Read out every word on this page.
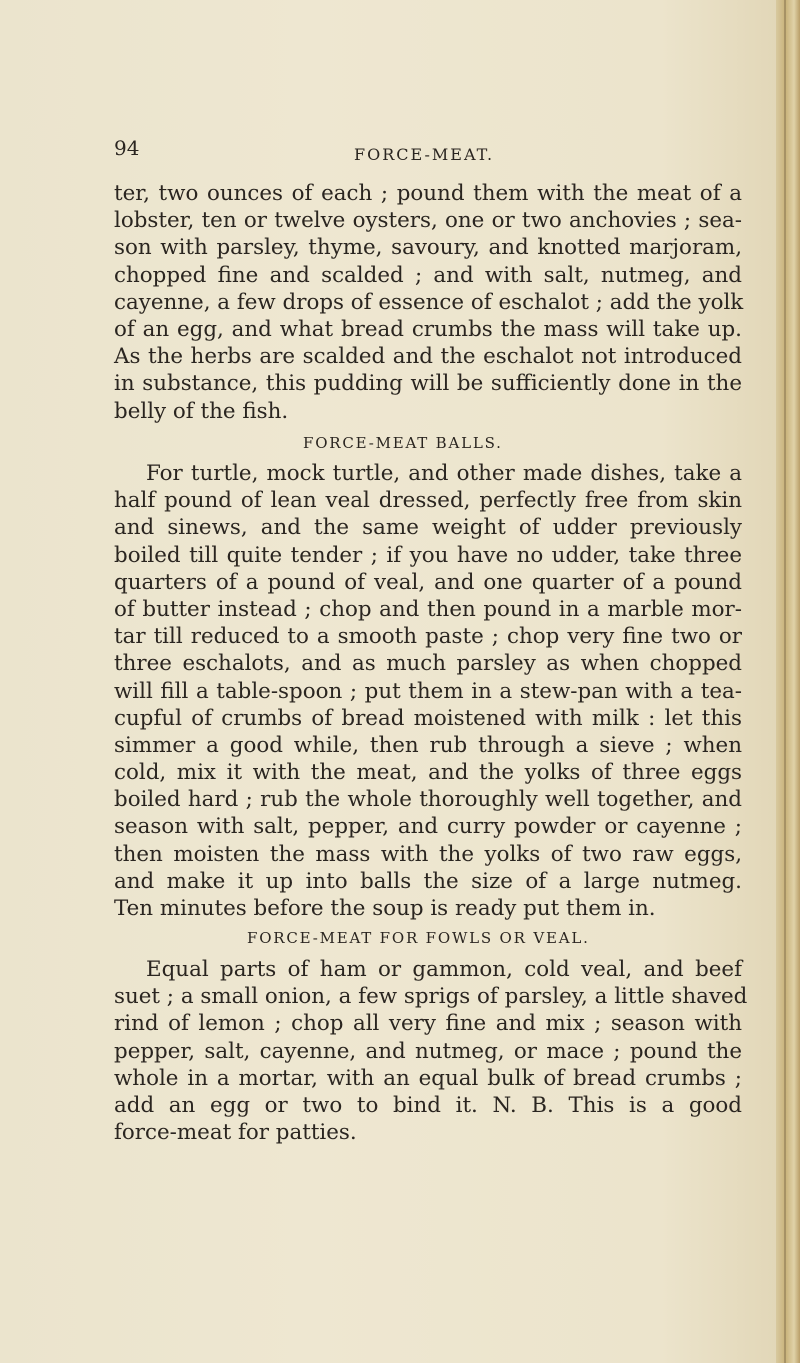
94	FORCE-MEAT.
ter, two ounces of each ; pound them with the meat of a
lobster, ten or twelve oysters, one or two anchovies ; sea-
son with parsley, thyme, savoury, and knotted marjoram,
chopped fine and scalded ; and with salt, nutmeg, and
cayenne, a few drops of essence of eschalot ; add the yolk
of an egg, and what bread crumbs the mass will take up.
As the herbs are scalded and the eschalot not introduced
in substance, this pudding will be sufficiently done in the
belly of the fish.
FORCE-MEAT BALLS.
For turtle, mock turtle, and other made dishes, take a
half pound of lean veal dressed, perfectly free from skin
and sinews, and the same weight of udder previously
boiled till quite tender ; if you have no udder, take three
quarters of a pound of veal, and one quarter of a pound
of butter instead ; chop and then pound in a marble mor-
tar till reduced to a smooth paste ; chop very fine two or
three eschalots, and as much parsley as when chopped
will fill a table-spoon ; put them in a stew-pan with a tea-
cupful of crumbs of bread moistened with milk : let this
simmer a good while, then rub through a sieve ; when
cold, mix it with the meat, and the yolks of three eggs
boiled hard ; rub the whole thoroughly well together, and
season with salt, pepper, and curry powder or cayenne ;
then moisten the mass with the yolks of two raw eggs,
and make it up into balls the size of a large nutmeg.
Ten minutes before the soup is ready put them in.
FORCE-MEAT FOR FOWLS OR VEAL.
Equal parts of ham or gammon, cold veal, and beef
suet ; a small onion, a few sprigs of parsley, a little shaved
rind of lemon ; chop all very fine and mix ; season with
pepper, salt, cayenne, and nutmeg, or mace ; pound the
whole in a mortar, with an equal bulk of bread crumbs ;
add an egg or two to bind it. N. B. This is a good
force-meat for patties.
